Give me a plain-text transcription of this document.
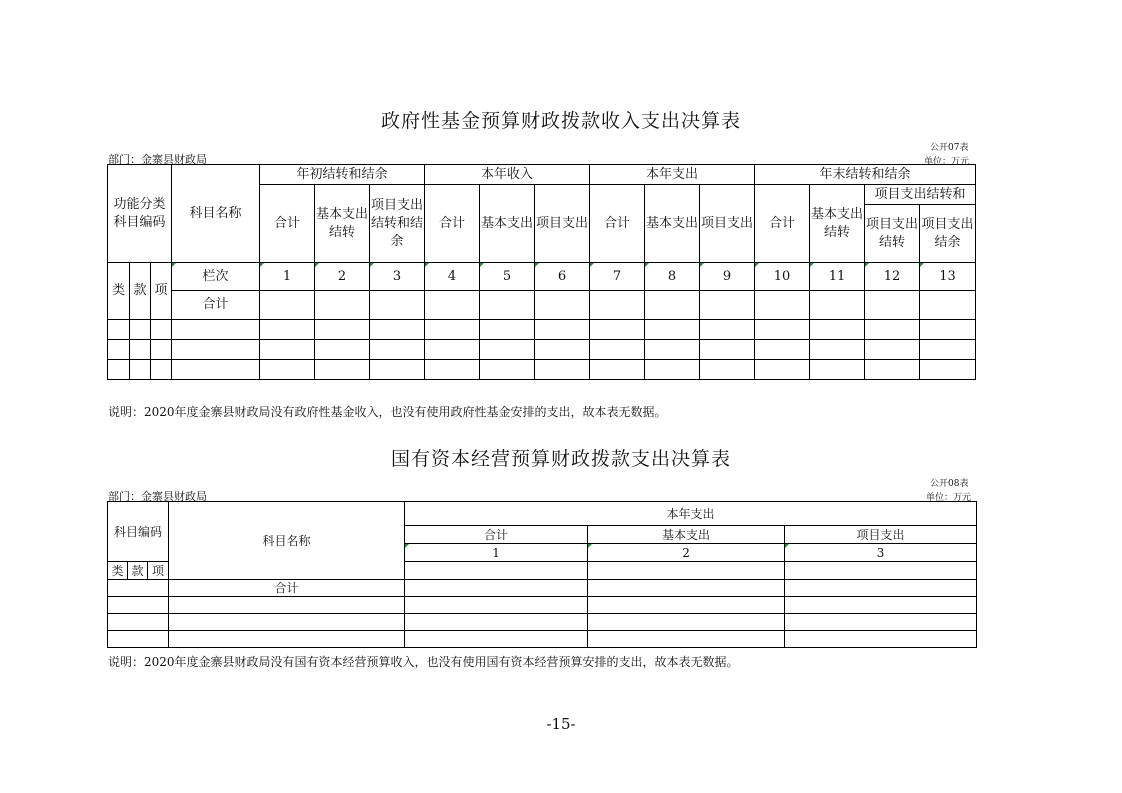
政府性基金预算财政拨款收入支出决算表
公开07表
部门：金寨县财政局	单位：万元
功能分类科目编码			科目名称	年初结转和结余			本年收入			本年支出			年末结转和结余			
				合计	基本支出结转	项目支出结转和结余	合计	基本支出	项目支出	合计	基本支出	项目支出	合计	基本支出结转	项目支出结转和	
															项目支出结转	项目支出结余
类	款	项	栏次	1	2	3	4	5	6	7	8	9	10	11	12	13
			合计													

说明：2020年度金寨县财政局没有政府性基金收入，也没有使用政府性基金安排的支出，故本表无数据。
国有资本经营预算财政拨款支出决算表
公开08表
部门：金寨县财政局	单位：万元
科目编码			科目名称	本年支出		
				合计	基本支出	项目支出
				1	2	3
类	款	项				
			合计			

说明：2020年度金寨县财政局没有国有资本经营预算收入，也没有使用国有资本经营预算安排的支出，故本表无数据。
-15-
